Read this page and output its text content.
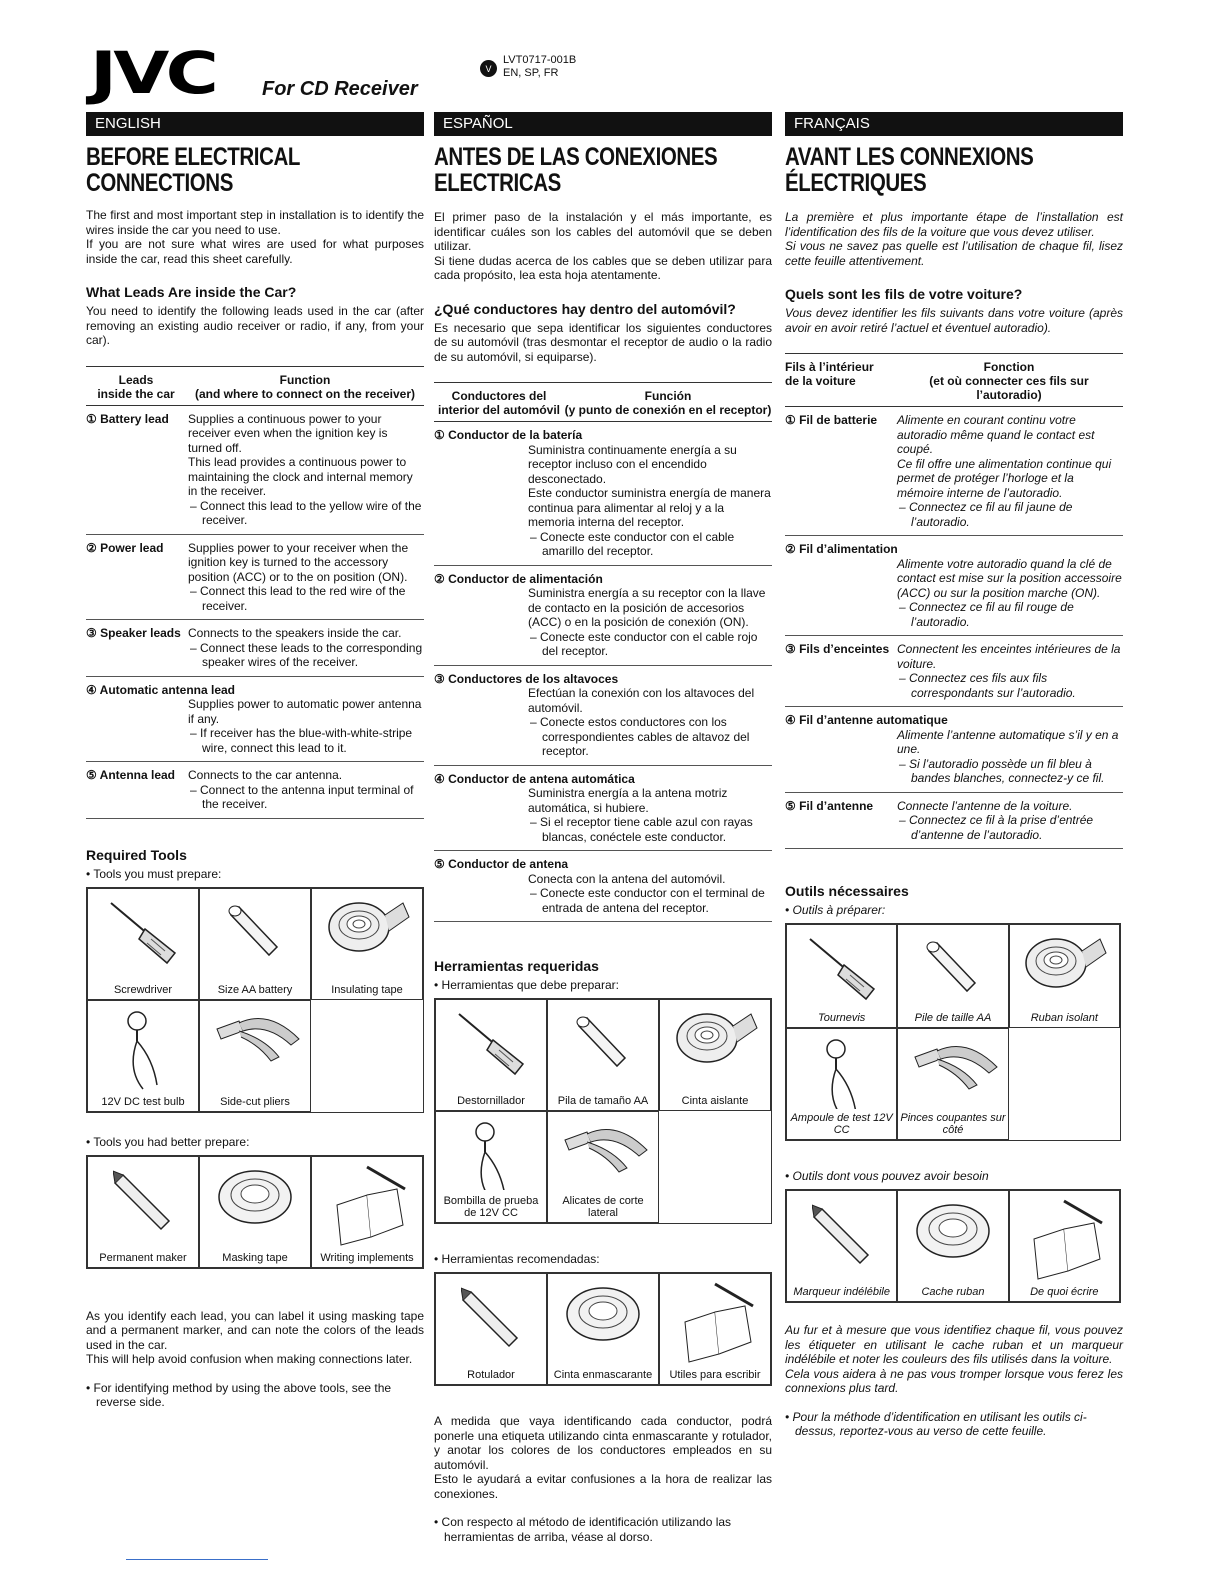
JVC For CD Receiver
V
LVT0717-001B
EN, SP, FR
ENGLISH
BEFORE ELECTRICAL CONNECTIONS

The first and most important step in installation is to identify the wires inside the car you need to use.

If you are not sure what wires are used for what purposes inside the car, read this sheet carefully.

What Leads Are inside the Car?
You need to identify the following leads used in the car (after removing an existing audio receiver or radio, if any, from your car).
Leads
inside the car
Function
(and where to connect on the receiver)
① Battery lead	Supplies a continuous power to your receiver even when the ignition key is turned off.
This lead provides a continuous power to maintaining the clock and internal memory in the receiver.
– Connect this lead to the yellow wire of the receiver.
② Power lead	Supplies power to your receiver when the ignition key is turned to the accessory position (ACC) or to the on position (ON).
– Connect this lead to the red wire of the receiver.
③ Speaker leads Connects to the speakers inside the car.
– Connect these leads to the corresponding speaker wires of the receiver.
④ Automatic antenna lead
Supplies power to automatic power antenna if any.
– If receiver has the blue-with-white-stripe wire, connect this lead to it.
⑤ Antenna lead	Connects to the car antenna.
– Connect to the antenna input terminal of the receiver.
Required Tools
• Tools you must prepare:
Screwdriver	Size AA battery	Insulating tape
12V DC test bulb	Side-cut pliers
• Tools you had better prepare:
Permanent maker	Masking tape	Writing implements
As you identify each lead, you can label it using masking tape and a permanent marker, and can note the colors of the leads used in the car.
This will help avoid confusion when making connections later.
• For identifying method by using the above tools, see the reverse side.
ESPAÑOL
ANTES DE LAS CONEXIONES ELECTRICAS

El primer paso de la instalación y el más importante, es identificar cuáles son los cables del automóvil que se deben utilizar.

Si tiene dudas acerca de los cables que se deben utilizar para cada propósito, lea esta hoja atentamente.

¿Qué conductores hay dentro del automóvil?
Es necesario que sepa identificar los siguientes conductores de su automóvil (tras desmontar el receptor de audio o la radio de su automóvil, si equiparse).
Conductores del
interior del automóvil
Función
(y punto de conexión en el receptor)
① Conductor de la batería
Suministra continuamente energía a su receptor incluso con el encendido desconectado.
Este conductor suministra energía de manera continua para alimentar al reloj y a la memoria interna del receptor.
– Conecte este conductor con el cable amarillo del receptor.
② Conductor de alimentación
Suministra energía a su receptor con la llave de contacto en la posición de accesorios (ACC) o en la posición de conexión (ON).
– Conecte este conductor con el cable rojo del receptor.
③ Conductores de los altavoces
Efectúan la conexión con los altavoces del automóvil.
– Conecte estos conductores con los correspondientes cables de altavoz del receptor.
④ Conductor de antena automática
Suministra energía a la antena motriz automática, si hubiere.
– Si el receptor tiene cable azul con rayas blancas, conéctele este conductor.
⑤ Conductor de antena
Conecta con la antena del automóvil.
– Conecte este conductor con el terminal de entrada de antena del receptor.
Herramientas requeridas
• Herramientas que debe preparar:
Destornillador	Pila de tamaño AA	Cinta aislante
Bombilla de prueba de 12V CC
Alicates de corte lateral
• Herramientas recomendadas:
Rotulador	Cinta enmascarante	Utiles para escribir
A medida que vaya identificando cada conductor, podrá ponerle una etiqueta utilizando cinta enmascarante y rotulador, y anotar los colores de los conductores empleados en su automóvil.
Esto le ayudará a evitar confusiones a la hora de realizar las conexiones.
• Con respecto al método de identificación utilizando las herramientas de arriba, véase al dorso.
FRANÇAIS
AVANT LES CONNEXIONS ÉLECTRIQUES

La première et plus importante étape de l’installation est l’identification des fils de la voiture que vous devez utiliser.

Si vous ne savez pas quelle est l’utilisation de chaque fil, lisez cette feuille attentivement.

Quels sont les fils de votre voiture?
Vous devez identifier les fils suivants dans votre voiture (après avoir en avoir retiré l’actuel et éventuel autoradio).
Fils à l’intérieur
de la voiture
Fonction
(et où connecter ces fils sur l’autoradio)
① Fil de batterie	Alimente en courant continu votre autoradio même quand le contact est coupé.
Ce fil offre une alimentation continue qui permet de protéger l’horloge et la mémoire interne de l’autoradio.
– Connectez ce fil au fil jaune de l’autoradio.
② Fil d’alimentation
Alimente votre autoradio quand la clé de contact est mise sur la position accessoire (ACC) ou sur la position marche (ON).
– Connectez ce fil au fil rouge de l’autoradio.
③ Fils d’enceintes Connectent les enceintes intérieures de la voiture.
– Connectez ces fils aux fils correspondants sur l’autoradio.
④ Fil d’antenne automatique
Alimente l’antenne automatique s’il y en a une.
– Si l’autoradio possède un fil bleu à bandes blanches, connectez-y ce fil.
⑤ Fil d’antenne	Connecte l’antenne de la voiture.
– Connectez ce fil à la prise d’entrée d’antenne de l’autoradio.
Outils nécessaires
• Outils à préparer:
Tournevis	Pile de taille AA	Ruban isolant
Ampoule de test 12V CC
Pinces coupantes sur côté
• Outils dont vous pouvez avoir besoin
Marqueur indélébile	Cache ruban	De quoi écrire
Au fur et à mesure que vous identifiez chaque fil, vous pouvez les étiqueter en utilisant le cache ruban et un marqueur indélébile et noter les couleurs des fils utilisés dans la voiture.
Cela vous aidera à ne pas vous tromper lorsque vous ferez les connexions plus tard.
• Pour la méthode d’identification en utilisant les outils ci-dessus, reportez-vous au verso de cette feuille.
